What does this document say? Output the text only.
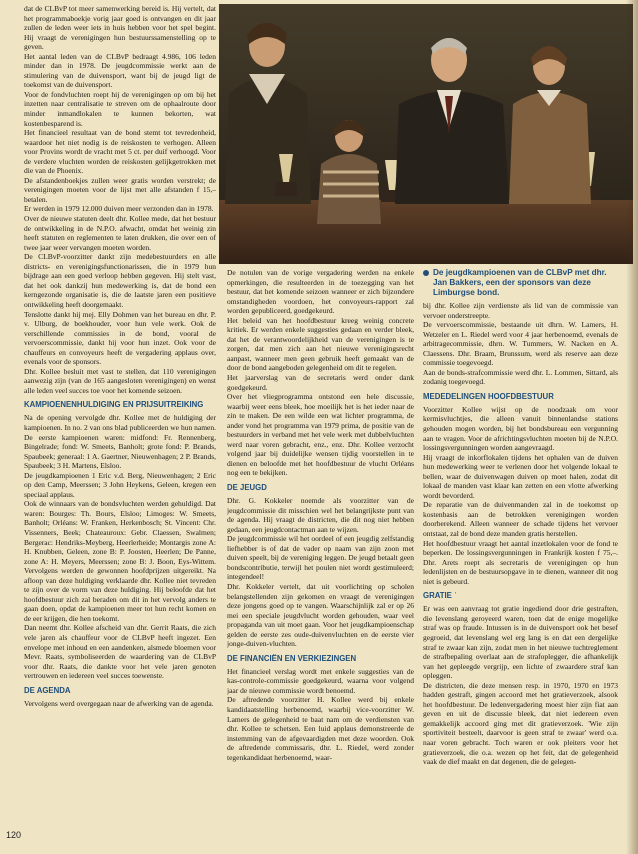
dat de CLBvP tot meer samenwerking bereid is. Hij vertelt, dat het programmaboekje vorig jaar goed is ontvangen en dit jaar zullen de leden weer iets in huis hebben voor het spel begint. Hij vraagt de verenigingen hun bestuurssamenstelling op te geven.

Het aantal leden van de CLBvP bedraagt 4.986, 106 leden minder dan in 1978. De jeugdcommissie werkt aan de stimulering van de duivensport, want bij de jeugd ligt de toekomst van de duivensport.

Voor de fondvluchten roept hij de verenigingen op om bij het inzetten naar centralisatie te streven om de ophaalroute door minder inmandlokalen te kunnen bekorten, wat kostenbesparend is.

Het financieel resultaat van de bond stemt tot tevredenheid, waardoor het niet nodig is de reiskosten te verhogen. Alleen voor Provins wordt de vracht met 5 ct. per duif verhoogd. Voor de verdere vluchten worden de reiskosten gelijkgetrokken met die van de Phoenix.

De afstandenboekjes zullen weer gratis worden verstrekt; de verenigingen moeten voor de lijst met alle afstanden f 15,– betalen.

Er werden in 1979 12.000 duiven meer verzonden dan in 1978.

Over de nieuwe statuten deelt dhr. Kollee mede, dat het bestuur de ontwikkeling in de N.P.O. afwacht, omdat het weinig zin heeft statuten en reglementen te laten drukken, die over een of twee jaar weer vervangen moeten worden.

De CLBvP-voorzitter dankt zijn medebestuurders en alle districts- en verenigingsfunctionarissen, die in 1979 hun bijdrage aan een goed verloop hebben gegeven. Hij stelt vast, dat het ook dankzij hun medewerking is, dat de bond een kerngezonde organisatie is, die de laatste jaren een positieve ontwikkeling heeft doorgemaakt.

Tenslotte dankt hij mej. Elly Dohmen van het bureau en dhr. P. v. Ulburg, de boekhouder, voor hun vele werk. Ook de verschillende commissies in de bond, vooral de vervoerscommissie, dankt hij voor hun inzet. Ook voor de chauffeurs en convoyeurs heeft de vergadering applaus over, evenals voor de sponsors.

Dhr. Kollee besluit met vast te stellen, dat 110 verenigingen aanwezig zijn (van de 165 aangesloten verenigingen) en wenst alle leden veel succes toe voor het komende seizoen.

KAMPIOENENHULDIGING EN PRIJSUITREIKING

Na de opening vervolgde dhr. Kollee met de huldiging der kampioenen. In no. 2 van ons blad publiceerden we hun namen. De eerste kampioenen waren: midfond: Fr. Rennenberg, Bingelrade; fond: W. Smeets, Banholt; grote fond: P. Brands, Spaubeek; generaal: 1 A. Gaertner, Nieuwenhagen; 2 P. Brands, Spaubeek; 3 H. Martens, Elsloo.

De jeugdkampioenen 1 Eric v.d. Berg, Nieuwenhagen; 2 Eric op den Camp, Meerssen; 3 John Heykens, Geleen, kregen een speciaal applaus.

Ook de winnaars van de bondsvluchten werden gehuldigd. Dat waren: Bourges: Th. Bours, Elsloo; Limoges: W. Smeets, Banholt; Orléans: W. Franken, Herkenbosch; St. Vincent: Chr. Vissenners, Beek; Chateauroux: Gebr. Claessen, Swalmen; Bergerac: Hendriks-Meyberg, Heerlerheide; Montargis zone A: H. Knubben, Geleen, zone B: P. Joosten, Heerlen; De Panne, zone A: H. Meyers, Meerssen; zone B: J. Boon, Eys-Wittem. Vervolgens werden de gewonnen hoofdprijzen uitgereikt. Na afloop van deze huldiging verklaarde dhr. Kollee niet tevreden te zijn over de vorm van deze huldiging. Hij beloofde dat het hoofdbestuur zich zal beraden om dit in het vervolg anders te gaan doen, opdat de kampioenen meer tot hun recht komen en de eer krijgen, die hen toekomt.

Dan neemt dhr. Kollee afscheid van dhr. Gerrit Raats, die zich vele jaren als chauffeur voor de CLBvP heeft ingezet. Een envelope met inhoud en een aandenken, alsmede bloemen voor Mevr. Raats, symboliseerden de waardering van de CLBvP voor dhr. Raats, die dankte voor het vele jaren genoten vertrouwen en iedereen veel succes toewenste.

DE AGENDA

Vervolgens werd overgegaan naar de afwerking van de agenda.

De notulen van de vorige vergadering werden na enkele opmerkingen, die resulteerden in de toezegging van het bestuur, dat het komende seizoen wanneer er zich bijzondere omstandigheden voordoen, het convoyeurs-rapport zal worden gepubliceerd, goedgekeurd.

Het beleid van het hoofdbestuur kreeg weinig concrete kritiek. Er werden enkele suggesties gedaan en verder bleek, dat het de verantwoordelijkheid van de verenigingen is te zorgen, dat men zich aan het nieuwe verenigingsrecht aanpast, wanneer men geen gebruik heeft gemaakt van de door de bond aangeboden gelegenheid om dit te regelen.

Het jaarverslag van de secretaris werd onder dank goedgekeurd.

Over het vliegprogramma ontstond een hele discussie, waarbij weer eens bleek, hoe moeilijk het is het ieder naar de zin te maken. De een wilde een wat lichter programma, de ander vond het programma van 1979 prima, de positie van de bestuurders in verband met het vele werk met dubbelvluchten werd naar voren gebracht, enz., enz. Dhr. Kollee verzocht volgend jaar bij duidelijke wensen tijdig voorstellen in te dienen en beloofde met het hoofdbestuur de vlucht Orléans nog een te bekijken.

DE JEUGD

Dhr. G. Kokkeler noemde als voorzitter van de jeugdcommissie dit misschien wel het belangrijkste punt van de agenda. Hij vraagt de districten, die dit nog niet hebben gedaan, een jeugdcontactman aan te wijzen.

De jeugdcommissie wil het oordeel of een jeugdig zelfstandig liefhebber is of dat de vader op naam van zijn zoon met duiven speelt, bij de vereniging leggen. De jeugd betaalt geen bondscontributie, terwijl het poulen niet wordt gestimuleerd; integendeel!

Dhr. Kokkeler vertelt, dat uit voorlichting op scholen belangstellenden zijn gekomen en vraagt de verenigingen deze jongens goed op te vangen. Waarschijnlijk zal er op 26 mei een speciale jeugdvlucht worden gehouden, waar veel propaganda van uit moet gaan. Voor het jeugdkampioenschap gelden de eerste zes oude-duivenvluchten en de eerste vier jonge-duiven-vluchten.

DE FINANCIËN EN VERKIEZINGEN

Het financieel verslag wordt met enkele suggesties van de kas-controle-commissie goedgekeurd, waarna voor volgend jaar de nieuwe commissie wordt benoemd.

De aftredende voorzitter H. Kollee werd bij enkele kandidaatstelling herbenoemd, waarbij vice-voorzitter W. Lamers de gelegenheid te baat nam om de verdiensten van dhr. Kollee te schetsen. Een luid applaus demonstreerde de instemming van de afgevaardigden met deze woorden. Ook de aftredende commissaris, dhr. L. Riedel, werd zonder tegenkandidaat herbenoemd, waar-

De jeugdkampioenen van de CLBvP met dhr. Jan Bakkers, een der sponsors van deze Limburgse bond.

bij dhr. Kollee zijn verdienste als lid van de commissie van vervoer onderstreepte.

De vervoerscommissie, bestaande uit dhrn. W. Lamers, H. Wetzeler en L. Riedel werd voor 4 jaar herbenoemd, evenals de arbitragecommissie, dhrn. W. Tummers, W. Nacken en A. Claessens. Dhr. Braam, Brunssum, werd als reserve aan deze commissie toegevoegd.

Aan de bonds-strafcommissie werd dhr. L. Lommen, Sittard, als zodanig toegevoegd.

MEDEDELINGEN HOOFDBESTUUR

Voorzitter Kollee wijst op de noodzaak om voor kermisvluchtjes, die alleen vanuit binnenlandse stations gehouden mogen worden, bij het bondsbureau een vergunning aan te vragen. Voor de africhtingsvluchten moeten bij de N.P.O. lossingsvergunningen worden aangevraagd.

Hij vraagt de inkorflokalen tijdens het ophalen van de duiven hun medewerking weer te verlenen door het volgende lokaal te bellen, waar de duivenwagen duiven op moet halen, zodat dit lokaal de manden vast klaar kan zetten en een vlotte afwerking wordt bevorderd.

De reparatie van de duivenmanden zal in de toekomst op kostenbasis aan de betrokken verenigingen worden doorberekend. Alleen wanneer de schade tijdens het vervoer ontstaat, zal de bond deze manden gratis herstellen.

Het hoofdbestuur vraagt het aantal inzetlokalen voor de fond te beperken. De lossingsvergunningen in Frankrijk kosten f 75,–. Dhr. Arets roept als secretaris de verenigingen op hun ledenlijsten en de bestuursopgave in te dienen, wanneer dit nog niet is gebeurd.

GRATIE ˈ

Er was een aanvraag tot gratie ingediend door drie gestraften, die levenslang geroyeerd waren, toen dat de enige mogelijke straf was op fraude. Intussen is in de duivensport ook het besef gegroeid, dat levenslang wel erg lang is en dat een dergelijke straf te zwaar kan zijn, zodat men in het nieuwe tuchtreglement de strafbepaling overlaat aan de strafoplegger, die afhankelijk van het gepleegde vergrijp, een lichte of zwaardere straf kan opleggen.

De districten, die deze mensen resp. in 1970, 1970 en 1973 hadden gestraft, gingen accoord met het gratieverzoek, alsook het hoofdbestuur. De ledenvergadering moest hier zijn fiat aan geven en uit de discussie bleek, dat niet iedereen even gemakkelijk accoord ging met dit gratieverzoek. 'Wie zijn sportiviteit besteelt, daarvoor is geen straf te zwaar' werd o.a. naar voren gebracht. Toch waren er ook pleiters voor het gratieverzoek, die o.a. wezen op het feit, dat de gelegenheid vaak de dief maakt en dat degenen, die de gelegen-

120
